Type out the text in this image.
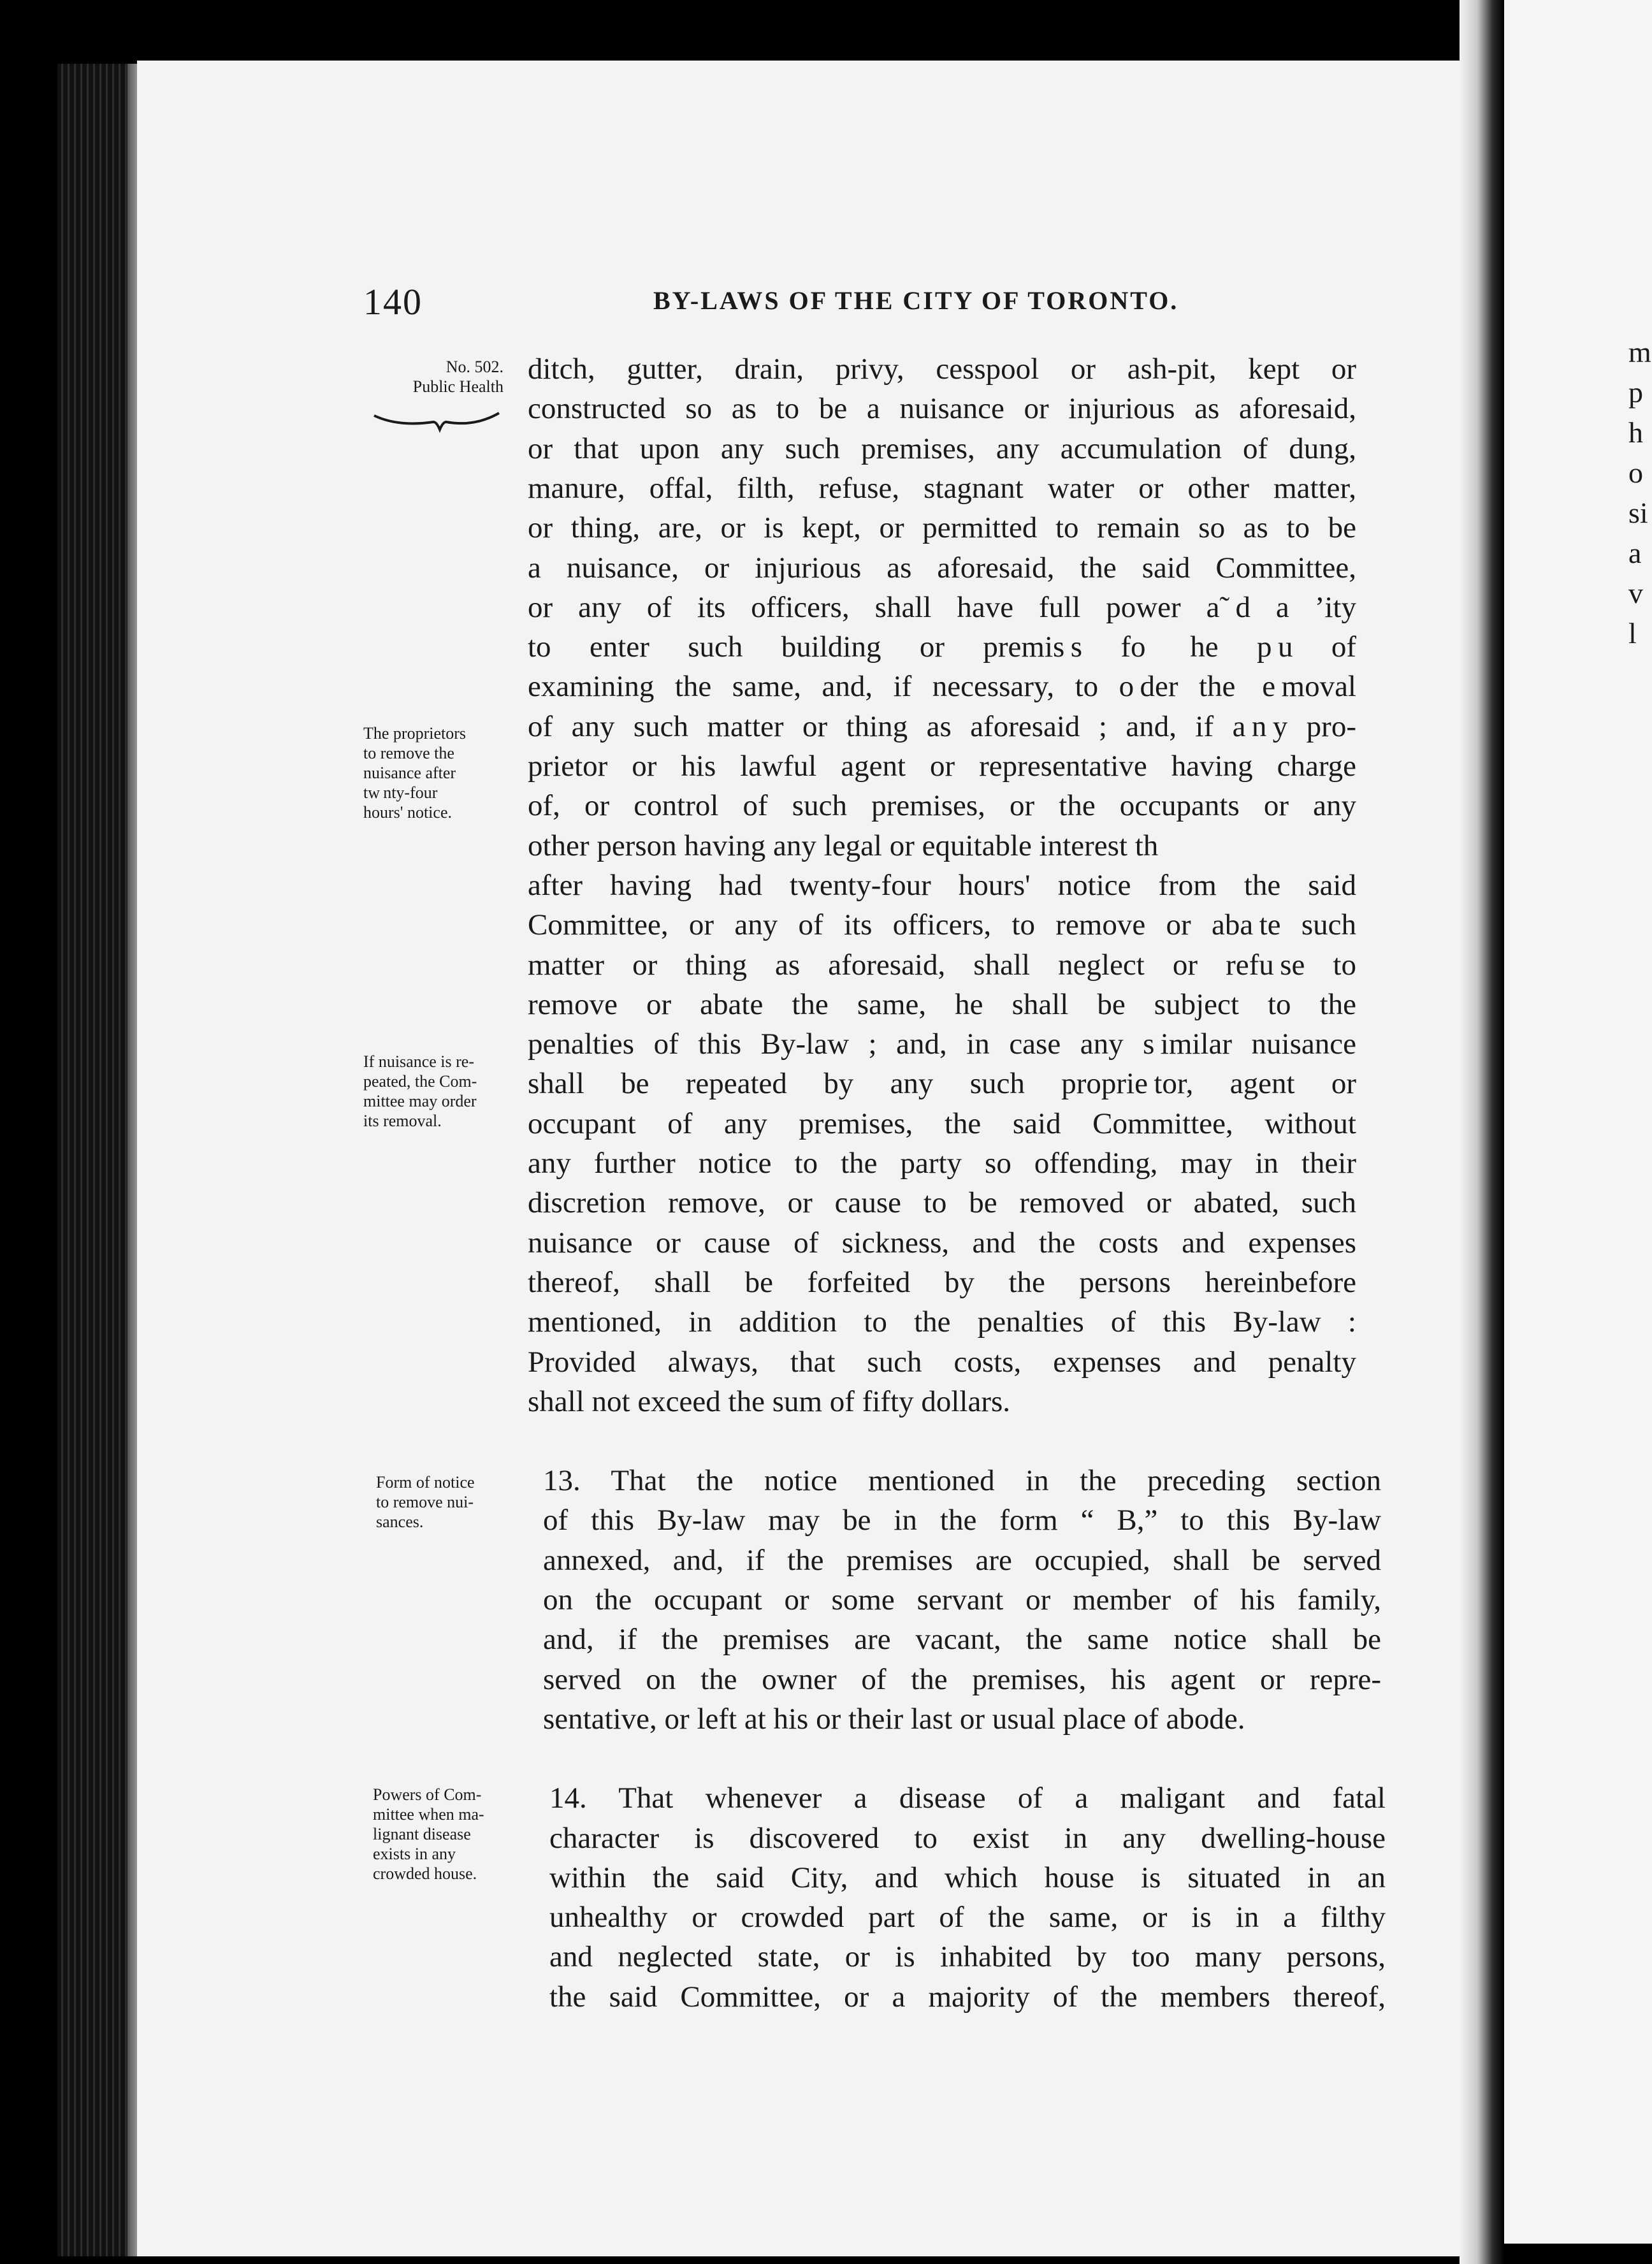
m
p
h
o
si
a
v
l
140	BY-LAWS OF THE CITY OF TORONTO.
No. 502.
Public Health
The proprietors
to remove the
nuisance after
tw nty-four
hours' notice.
If nuisance is re-
peated, the Com-
mittee may order
its removal.
Form of notice
to remove nui-
sances.
Powers of Com-
mittee when ma-
lignant disease
exists in any
crowded house.
ditch, gutter, drain, privy, cesspool or ash-pit, kept or
constructed so as to be a nuisance or injurious as aforesaid,
or that upon any such premises, any accumulation of dung,
manure, offal, filth, refuse, stagnant water or other matter,
or thing, are, or is kept, or permitted to remain so as to be
a nuisance, or injurious as aforesaid, the said Committee,
or any of its officers, shall have full power a˜ d a ’ity
to enter such building or premis s fo  he p u of
examining the same, and, if necessary, to o der the  e moval
of any such matter or thing as aforesaid ; and, if a n y pro-
prietor or his lawful agent or representative having charge
of, or control of such premises, or the occupants or any
other person having any legal or equitable interest th
after having had twenty-four hours' notice from the said
Committee, or any of its officers, to remove or aba te such
matter or thing as aforesaid, shall neglect or refu se to
remove or abate the same, he shall be subject to the
penalties of this By-law ; and, in case any s imilar nuisance
shall be repeated by any such proprie tor, agent or
occupant of any premises, the said Committee, without
any further notice to the party so offending, may in their
discretion remove, or cause to be removed or abated, such
nuisance or cause of sickness, and the costs and expenses
thereof, shall be forfeited by the persons hereinbefore
mentioned, in addition to the penalties of this By-law :
Provided always, that such costs, expenses and penalty
shall not exceed the sum of fifty dollars.
13. That the notice mentioned in the preceding section
of this By-law may be in the form “ B,” to this By-law
annexed, and, if the premises are occupied, shall be served
on the occupant or some servant or member of his family,
and, if the premises are vacant, the same notice shall be
served on the owner of the premises, his agent or repre-
sentative, or left at his or their last or usual place of abode.
14. That whenever a disease of a maligant and fatal
character is discovered to exist in any dwelling-house
within the said City, and which house is situated in an
unhealthy or crowded part of the same, or is in a filthy
and neglected state, or is inhabited by too many persons,
the said Committee, or a majority of the members thereof,
